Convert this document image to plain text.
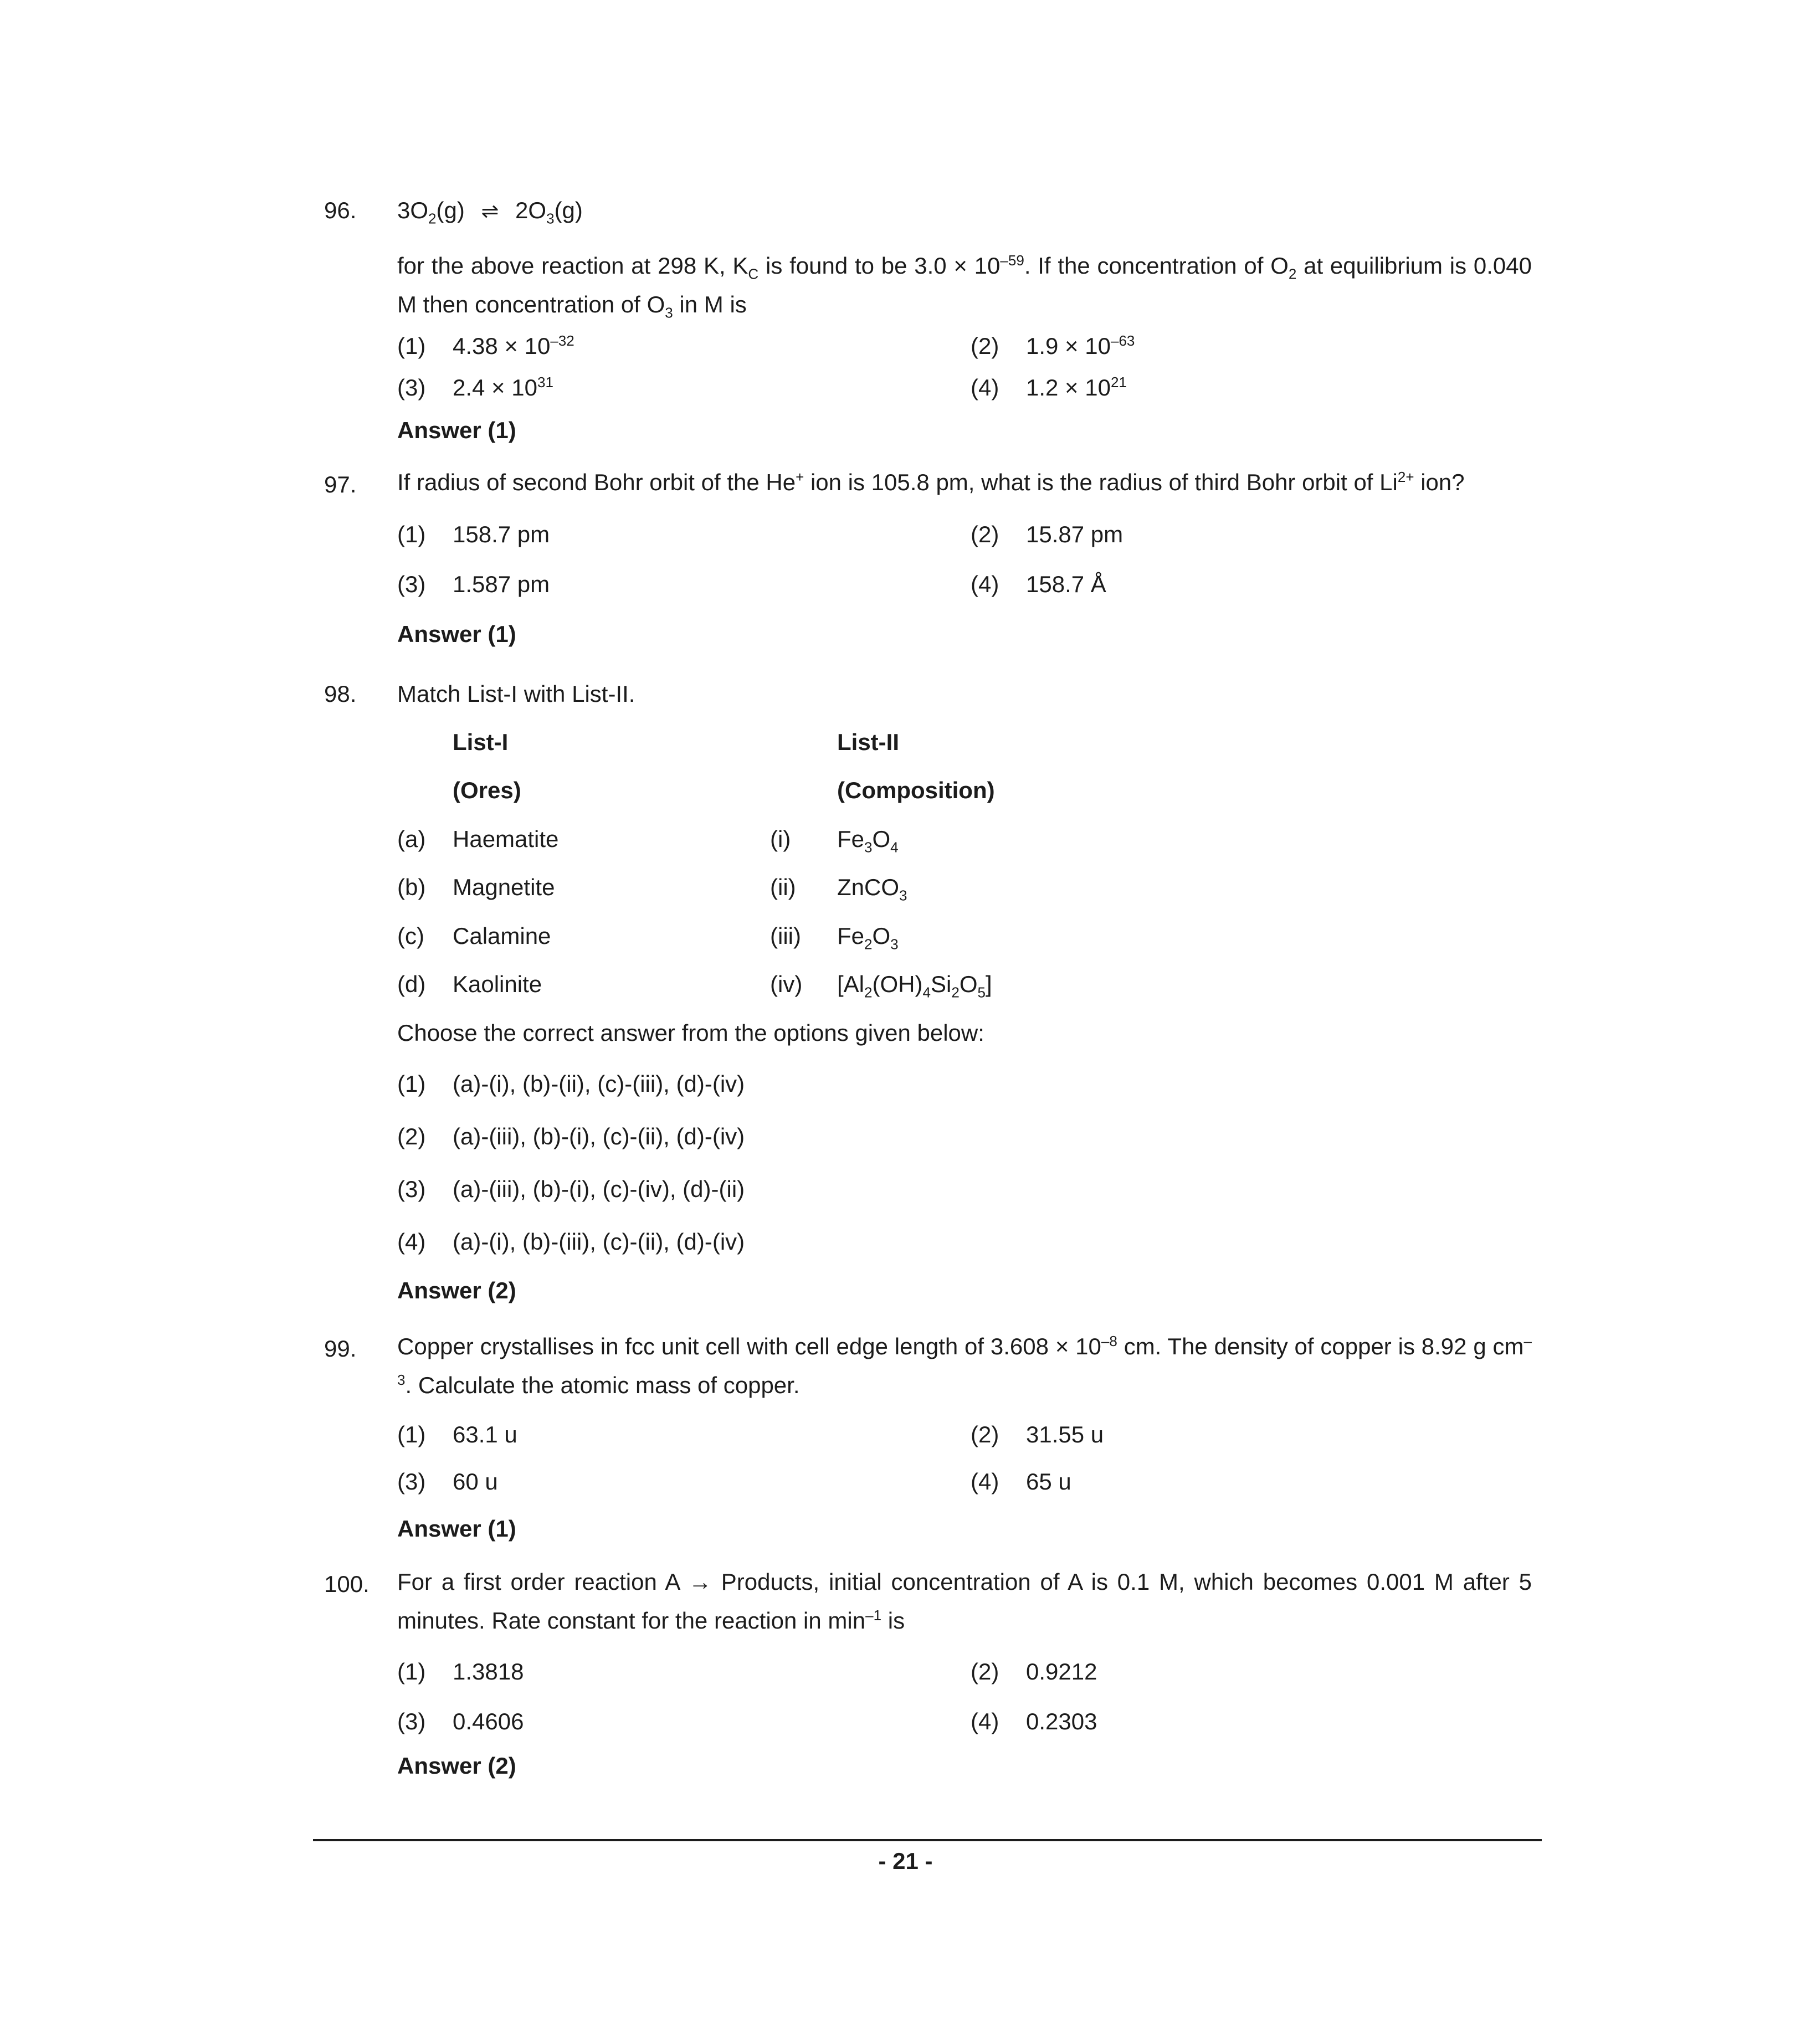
96. $3O_2(g)$ ⇌ $2O_3(g)$
for the above reaction at 298 K, $K_C$ is found to be $3.0 \times 10^{-59}$. If the concentration of $O_2$ at equilibrium is 0.040 M then concentration of $O_3$ in M is
(1) $4.38 \times 10^{-32}$	(2) $1.9 \times 10^{-63}$
(3) $2.4 \times 10^{31}$	(4) $1.2 \times 10^{21}$
Answer (1)
97. If radius of second Bohr orbit of the He+ ion is 105.8 pm, what is the radius of third Bohr orbit of $Li^{2+}$ ion?
(1) 158.7 pm	(2) 15.87 pm
(3) 1.587 pm	(4) 158.7 Å
Answer (1)
98. Match List-I with List-II.
List-I	List-II
(Ores)	(Composition)
(a) Haematite	(i) $Fe_3O_4$
(b) Magnetite	(ii) ZnCO$_3$
(c) Calamine	(iii) $Fe_2O_3$
(d) Kaolinite	(iv) $[Al_2(OH)_4Si_2O_5]$
Choose the correct answer from the options given below:
(1) (a)-(i), (b)-(ii), (c)-(iii), (d)-(iv)
(2) (a)-(iii), (b)-(i), (c)-(ii), (d)-(iv)
(3) (a)-(iii), (b)-(i), (c)-(iv), (d)-(ii)
(4) (a)-(i), (b)-(iii), (c)-(ii), (d)-(iv)
Answer (2)
99. Copper crystallises in fcc unit cell with cell edge length of $3.608 \times 10^{-8}$ cm. The density of copper is 8.92 g $cm^{-3}$. Calculate the atomic mass of copper.
(1) 63.1 u	(2) 31.55 u
(3) 60 u	(4) 65 u
Answer (1)
100. For a first order reaction A → Products, initial concentration of A is 0.1 M, which becomes 0.001 M after 5 minutes. Rate constant for the reaction in $\min^{-1}$ is
(1) 1.3818	(2) 0.9212
(3) 0.4606	(4) 0.2303
Answer (2)
- 21 -
